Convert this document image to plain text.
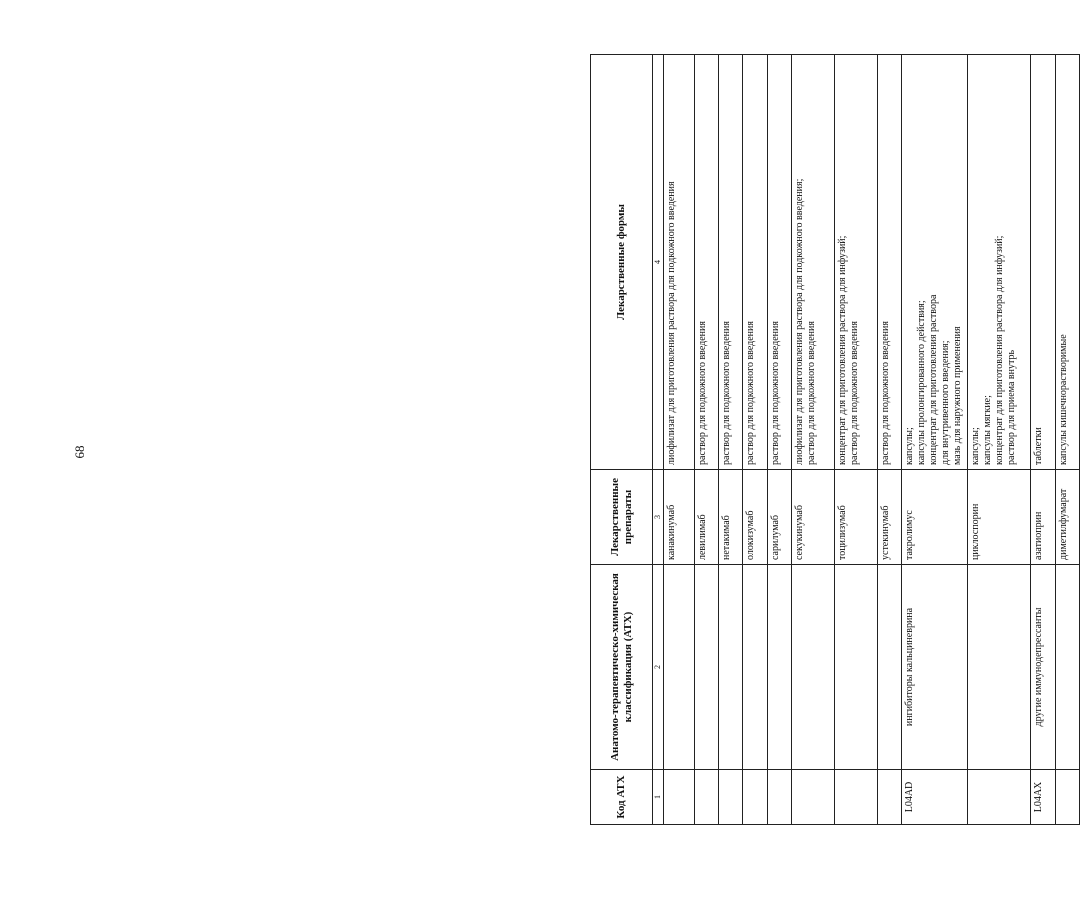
68
Код АТХ	Анатомо-терапевтическо-химическая классификация (АТХ)	Лекарственные препараты	Лекарственные формы
1	2	3	4
		канакинумаб	лиофилизат для приготовления раствора для подкожного введения

		левилимаб	раствор для подкожного введения

		нетакимаб	раствор для подкожного введения

		олокизумаб	раствор для подкожного введения

		сарилумаб	раствор для подкожного введения

		секукинумаб	лиофилизат для приготовления раствора для подкожного введения; раствор для подкожного введения

		тоцилизумаб	концентрат для приготовления раствора для инфузий; раствор для подкожного введения

		устекинумаб	раствор для подкожного введения

L04AD	ингибиторы кальциневрина	такролимус	капсулы; капсулы пролонгированного действия; концентрат для приготовления раствора для внутривенного введения; мазь для наружного применения

		циклоспорин	капсулы; капсулы мягкие; концентрат для приготовления раствора для инфузий; раствор для приема внутрь

L04AX	другие иммунодепрессанты	азатиоприн	таблетки

		диметилфумарат	капсулы кишечнорастворимые
